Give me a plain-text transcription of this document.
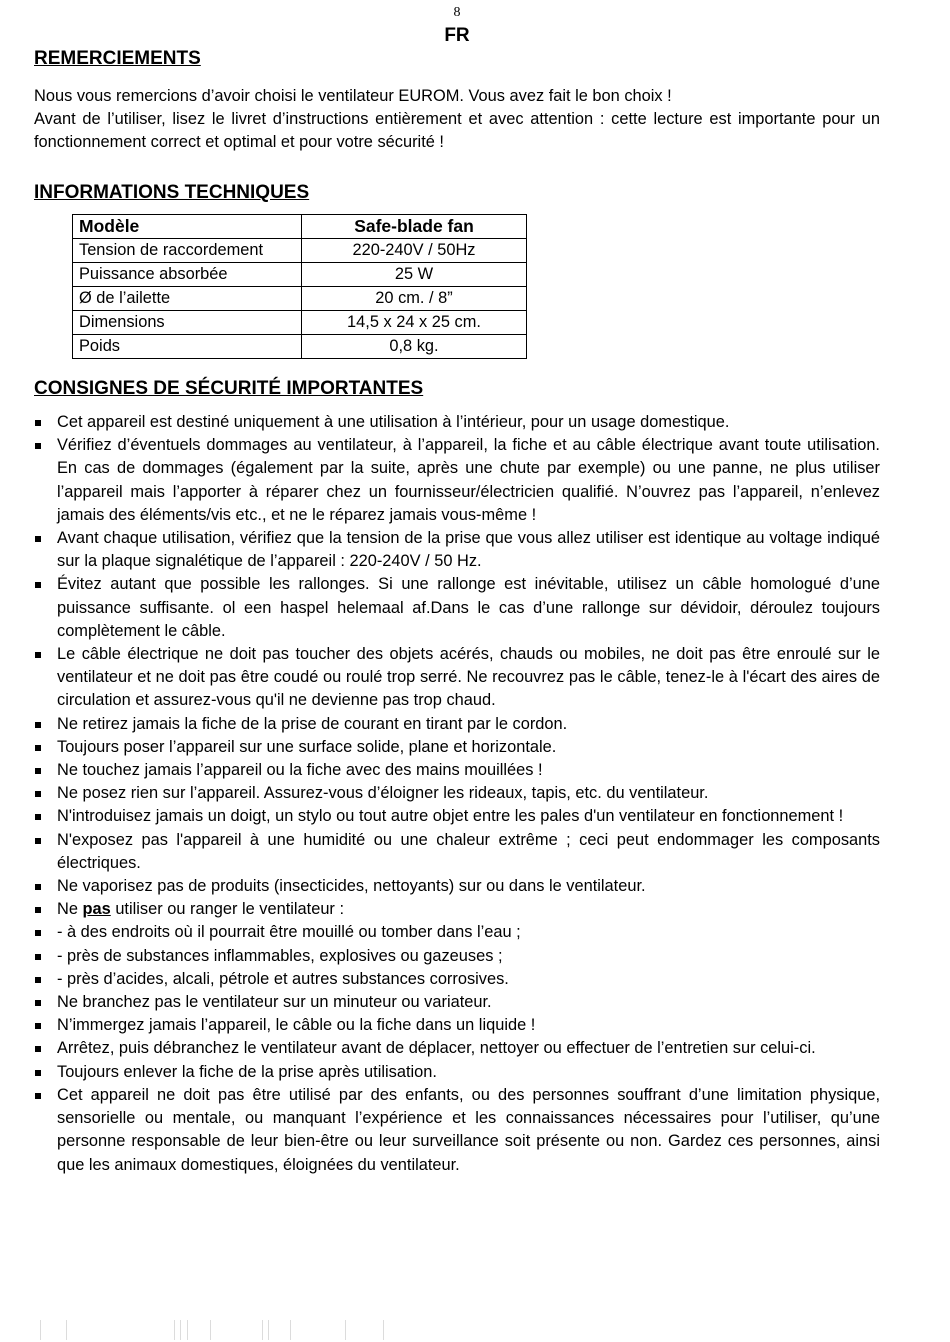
8
FR
REMERCIEMENTS

Nous vous remercions d’avoir choisi le ventilateur EUROM. Vous avez fait le bon choix !

Avant de l’utiliser, lisez le livret d’instructions entièrement et avec attention : cette lecture est importante pour un fonctionnement correct et optimal et pour votre sécurité !

INFORMATIONS TECHNIQUES
Modèle	Safe-blade fan
Tension de raccordement	220-240V / 50Hz
Puissance absorbée	25 W
Ø de l’ailette	20 cm. / 8”
Dimensions	14,5 x 24 x 25 cm.
Poids	0,8 kg.
CONSIGNES DE SÉCURITÉ IMPORTANTES
Cet appareil est destiné uniquement à une utilisation à l’intérieur, pour un usage domestique.
Vérifiez d’éventuels dommages au ventilateur, à l’appareil, la fiche et au câble électrique avant toute utilisation. En cas de dommages (également par la suite, après une chute par exemple) ou une panne, ne plus utiliser l’appareil mais l’apporter à réparer chez un fournisseur/électricien qualifié. N’ouvrez pas l’appareil, n’enlevez jamais des éléments/vis etc., et ne le réparez jamais vous-même !
Avant chaque utilisation, vérifiez que la tension de la prise que vous allez utiliser est identique au voltage indiqué sur la plaque signalétique de l’appareil : 220-240V / 50 Hz.
Évitez autant que possible les rallonges. Si une rallonge est inévitable, utilisez un câble homologué d’une puissance suffisante. ol een haspel helemaal af.Dans le cas d’une rallonge sur dévidoir, déroulez toujours complètement le câble.
Le câble électrique ne doit pas toucher des objets acérés, chauds ou mobiles, ne doit pas être enroulé sur le ventilateur et ne doit pas être coudé ou roulé trop serré. Ne recouvrez pas le câble, tenez-le à l'écart des aires de circulation et assurez-vous qu'il ne devienne pas trop chaud.
Ne retirez jamais la fiche de la prise de courant en tirant par le cordon.
Toujours poser l’appareil sur une surface solide, plane et horizontale.
Ne touchez jamais l’appareil ou la fiche avec des mains mouillées !
Ne posez rien sur l’appareil. Assurez-vous d’éloigner les rideaux, tapis, etc. du ventilateur.
N'introduisez jamais un doigt, un stylo ou tout autre objet entre les pales d'un ventilateur en fonctionnement !
N'exposez pas l'appareil à une humidité ou une chaleur extrême ; ceci peut endommager les composants électriques.
Ne vaporisez pas de produits (insecticides, nettoyants) sur ou dans le ventilateur.
Ne pas utiliser ou ranger le ventilateur :
- à des endroits où il pourrait être mouillé ou tomber dans l’eau ;
- près de substances inflammables, explosives ou gazeuses ;
- près d’acides, alcali, pétrole et autres substances corrosives.
Ne branchez pas le ventilateur sur un minuteur ou variateur.
N’immergez jamais l’appareil, le câble ou la fiche dans un liquide !
Arrêtez, puis débranchez le ventilateur avant de déplacer, nettoyer ou effectuer de l’entretien sur celui-ci.
Toujours enlever la fiche de la prise après utilisation.
Cet appareil ne doit pas être utilisé par des enfants, ou des personnes souffrant d’une limitation physique, sensorielle ou mentale, ou manquant l’expérience et les connaissances nécessaires pour l’utiliser, qu’une personne responsable de leur bien-être ou leur surveillance soit présente ou non. Gardez ces personnes, ainsi que les animaux domestiques, éloignées du ventilateur.
